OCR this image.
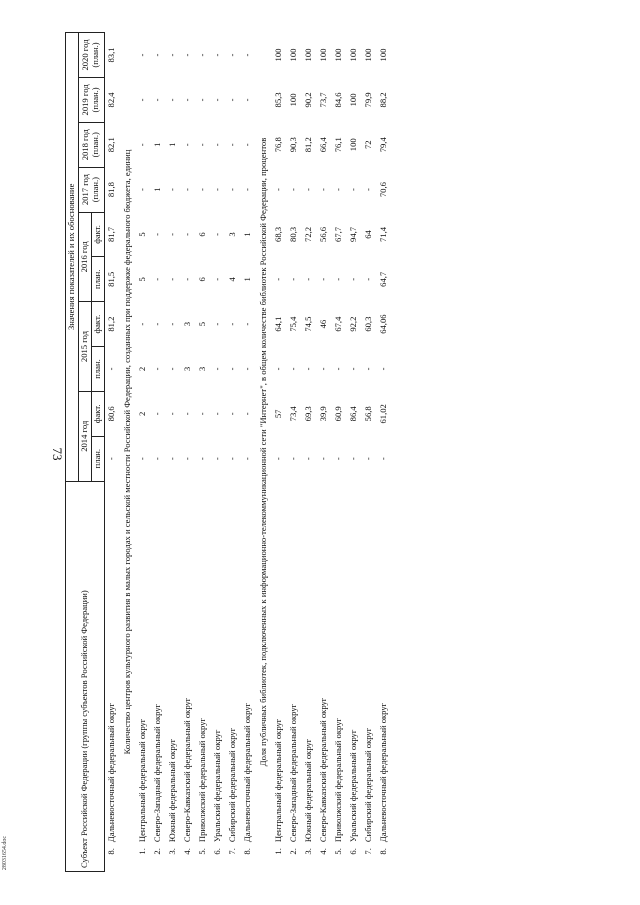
73
28031654.doc	Субъект Российской Федерации (группы субъектов Российской Федерации)		Значения показателей и их обоснование									
		2014 год		2015 год		2016 год		2017 год (план.)	2018 год (план.)	2019 год (план.)	2020 год (план.)
		план.	факт.	план.	факт.	план.	факт.				
8.	Дальневосточный федеральный округ	-	80,6	-	81,2	81,5	81,7	81,8	82,1	82,4	83,1
Количество центров культурного развития в малых городах и сельской местности Российской Федерации, созданных при поддержке федерального бюджета, единиц											
1.	Центральный федеральный округ	-	2	2	-	5	5	-	-	-	-
2.	Северо-Западный федеральный округ	-	-	-	-	-	-	1	1	-	-
3.	Южный федеральный округ	-	-	-	-	-	-	-	1	-	-
4.	Северо-Кавказский федеральный округ	-	-	3	3	-	-	-	-	-	-
5.	Приволжский федеральный округ	-	-	3	5	6	6	-	-	-	-
6.	Уральский федеральный округ	-	-	-	-	-	-	-	-	-	-
7.	Сибирский федеральный округ	-	-	-	-	4	3	-	-	-	-
8.	Дальневосточный федеральный округ	-	-	-	-	1	1	-	-	-	-
Доля публичных библиотек, подключенных к информационно-телекоммуникационной сети "Интернет", в общем количестве библиотек Российской Федерации, процентов											
1.	Центральный федеральный округ	-	57	-	64,1	-	68,3	-	76,8	85,3	100
2.	Северо-Западный федеральный округ	-	73,4	-	75,4	-	80,3	-	90,3	100	100
3.	Южный федеральный округ	-	69,3	-	74,5	-	72,2	-	81,2	90,2	100
4.	Северо-Кавказский федеральный округ	-	39,9	-	46	-	56,6	-	66,4	73,7	100
5.	Приволжский федеральный округ	-	60,9	-	67,4	-	67,7	-	76,1	84,6	100
6.	Уральский федеральный округ	-	86,4	-	92,2	-	94,7	-	100	100	100
7.	Сибирский федеральный округ	-	56,8	-	60,3	-	64	-	72	79,9	100
8.	Дальневосточный федеральный округ	-	61,02	-	64,06	64,7	71,4	70,6	79,4	88,2	100
